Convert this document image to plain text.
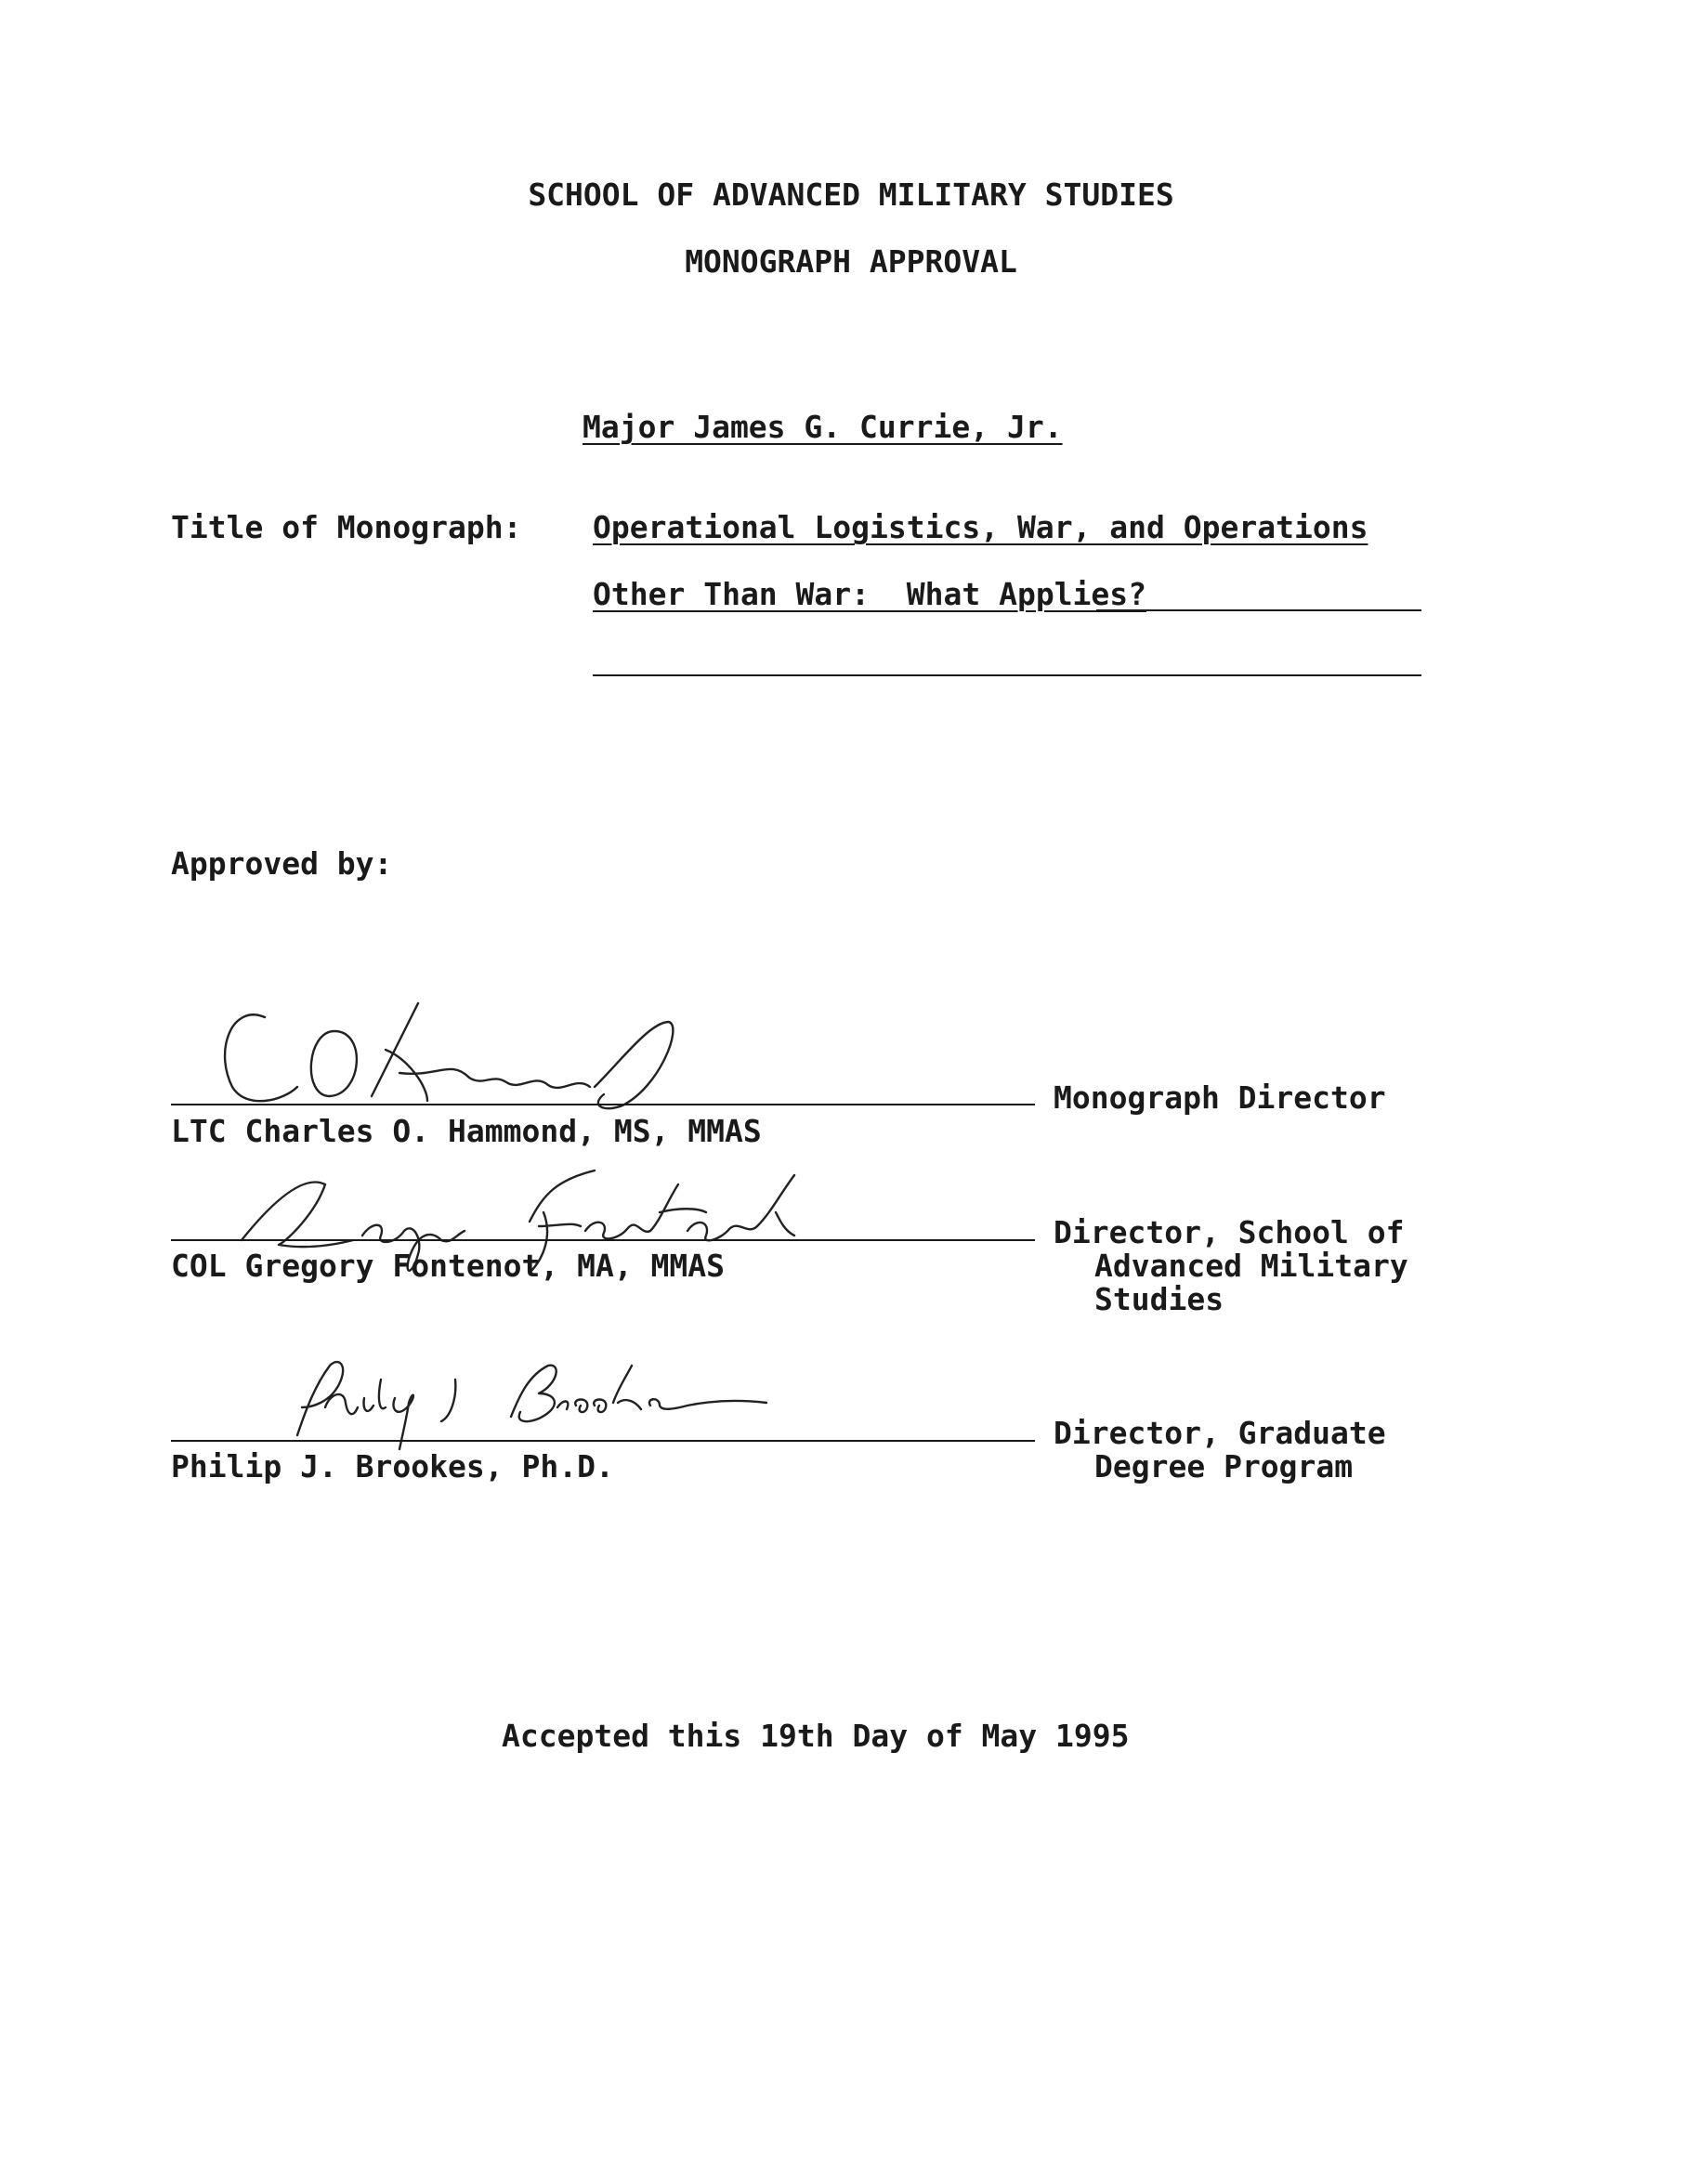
SCHOOL OF ADVANCED MILITARY STUDIES
MONOGRAPH APPROVAL
Major James G. Currie, Jr.
Title of Monograph: Operational Logistics, War, and Operations
Other Than War:  What Applies?
Approved by:
LTC Charles O. Hammond, MS, MMAS
Monograph Director
COL Gregory Fontenot, MA, MMAS
Director, School of
Advanced Military
Studies
Philip J. Brookes, Ph.D.
Director, Graduate
Degree Program
Accepted this 19th Day of May 1995
